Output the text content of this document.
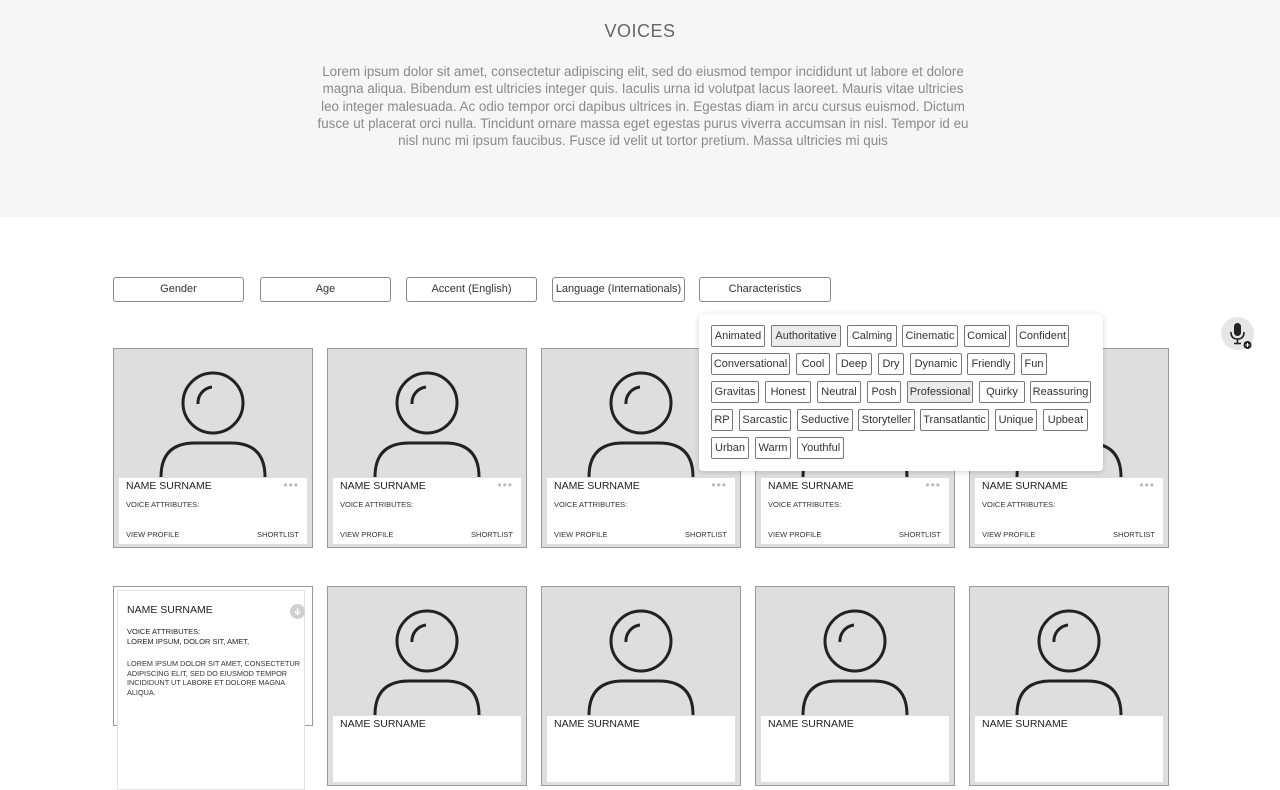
VOICES
Lorem ipsum dolor sit amet, consectetur adipiscing elit, sed do eiusmod tempor incididunt ut labore et dolore magna aliqua. Bibendum est ultricies integer quis. Iaculis urna id volutpat lacus laoreet. Mauris vitae ultricies leo integer malesuada. Ac odio tempor orci dapibus ultrices in. Egestas diam in arcu cursus euismod. Dictum fusce ut placerat orci nulla. Tincidunt ornare massa eget egestas purus viverra accumsan in nisl. Tempor id eu nisl nunc mi ipsum faucibus. Fusce id velit ut tortor pretium. Massa ultricies mi quis
Gender	Age	Accent (English)	Language (Internationals)	Characteristics
NAME SURNAME	•••
VOICE ATTRIBUTES:
VIEW PROFILE	SHORTLIST
NAME SURNAME	•••
VOICE ATTRIBUTES:
VIEW PROFILE	SHORTLIST
NAME SURNAME	•••
VOICE ATTRIBUTES:
VIEW PROFILE	SHORTLIST
NAME SURNAME	•••
VOICE ATTRIBUTES:
VIEW PROFILE	SHORTLIST
NAME SURNAME	•••
VOICE ATTRIBUTES:
VIEW PROFILE	SHORTLIST
NAME SURNAME
VOICE ATTRIBUTES:
LOREM IPSUM, DOLOR SIT, AMET,
LOREM IPSUM DOLOR SIT AMET, CONSECTETUR ADIPISCING ELIT, SED DO EIUSMOD TEMPOR INCIDIDUNT UT LABORE ET DOLORE MAGNA ALIQUA.
NAME SURNAME	NAME SURNAME	NAME SURNAME	NAME SURNAME
Animated	Authoritative	Calming	Cinematic	Comical Confident
Conversational	Cool	Deep	Dry	Dynamic	Friendly	Fun
Gravitas	Honest	Neutral	Posh	Professional	Quirky	Reassuring
RP	Sarcastic	Seductive	Storyteller	Transatlantic	Unique	Upbeat
Urban	Warm	Youthful
